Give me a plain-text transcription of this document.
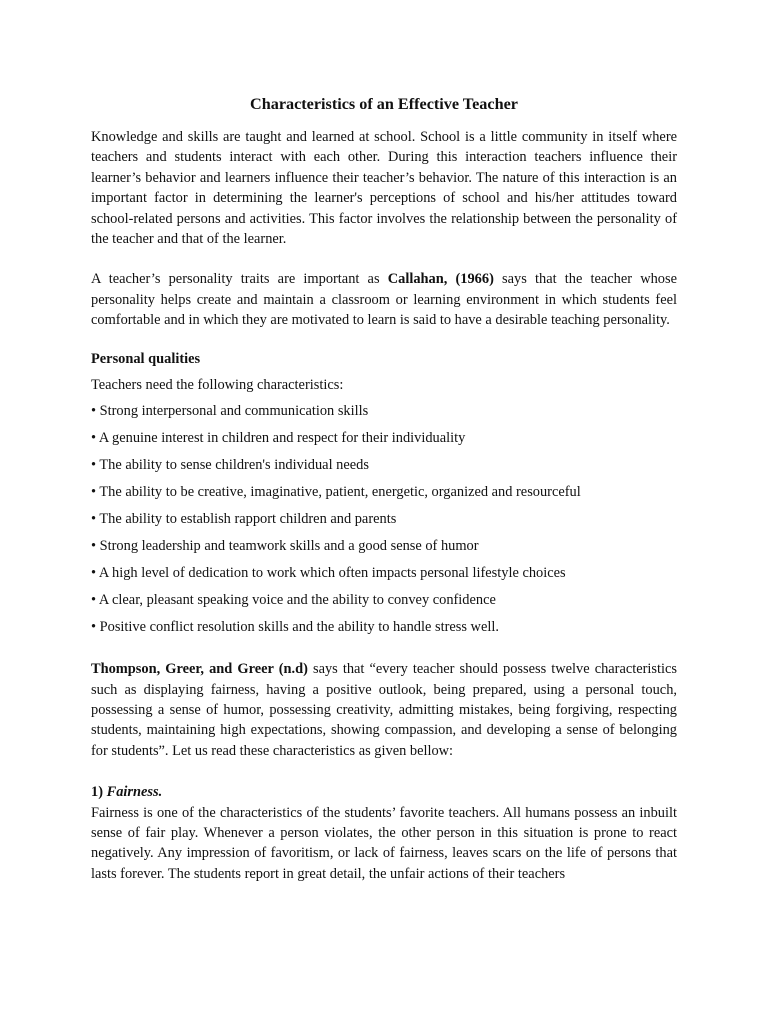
Characteristics of an Effective Teacher

Knowledge and skills are taught and learned at school. School is a little community in itself where teachers and students interact with each other. During this interaction teachers influence their learner’s behavior and learners influence their teacher’s behavior. The nature of this interaction is an important factor in determining the learner's perceptions of school and his/her attitudes toward school-related persons and activities. This factor involves the relationship between the personality of the teacher and that of the learner.

A teacher’s personality traits are important as Callahan, (1966) says that the teacher whose personality helps create and maintain a classroom or learning environment in which students feel comfortable and in which they are motivated to learn is said to have a desirable teaching personality.

Personal qualities
Teachers need the following characteristics:
• Strong interpersonal and communication skills
• A genuine interest in children and respect for their individuality
• The ability to sense children's individual needs
• The ability to be creative, imaginative, patient, energetic, organized and resourceful
• The ability to establish rapport children and parents
• Strong leadership and teamwork skills and a good sense of humor
• A high level of dedication to work which often impacts personal lifestyle choices
• A clear, pleasant speaking voice and the ability to convey confidence
• Positive conflict resolution skills and the ability to handle stress well.

Thompson, Greer, and Greer (n.d) says that “every teacher should possess twelve characteristics such as displaying fairness, having a positive outlook, being prepared, using a personal touch, possessing a sense of humor, possessing creativity, admitting mistakes, being forgiving, respecting students, maintaining high expectations, showing compassion, and developing a sense of belonging for students”. Let us read these characteristics as given bellow:

1) Fairness.

Fairness is one of the characteristics of the students’ favorite teachers. All humans possess an inbuilt sense of fair play. Whenever a person violates, the other person in this situation is prone to react negatively. Any impression of favoritism, or lack of fairness, leaves scars on the life of persons that lasts forever. The students report in great detail, the unfair actions of their teachers
